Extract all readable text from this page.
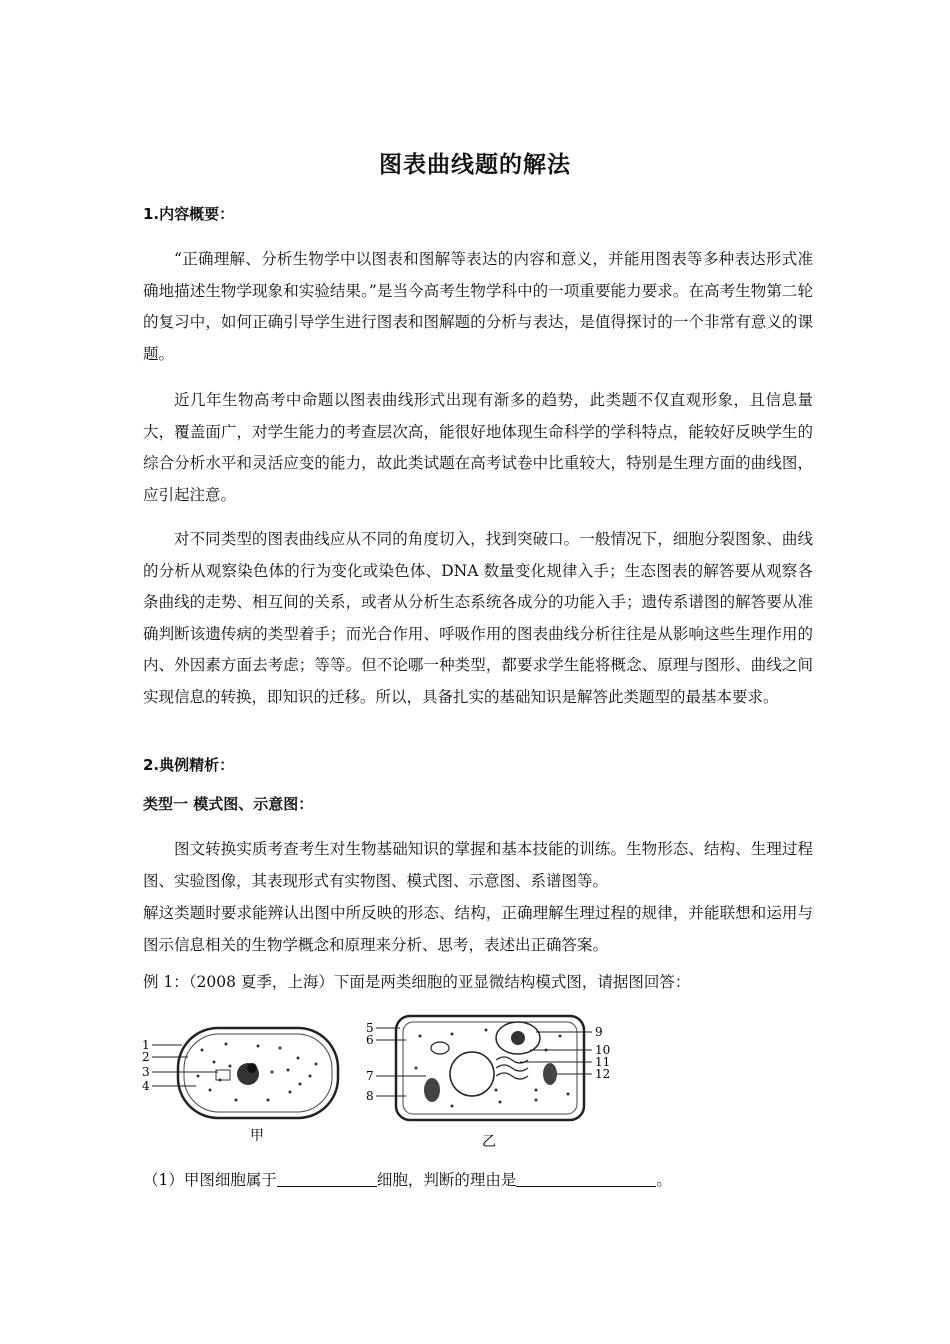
图表曲线题的解法
1.内容概要：

“正确理解、分析生物学中以图表和图解等表达的内容和意义，并能用图表等多种表达形式准确地描述生物学现象和实验结果。”是当今高考生物学科中的一项重要能力要求。在高考生物第二轮的复习中，如何正确引导学生进行图表和图解题的分析与表达，是值得探讨的一个非常有意义的课题。

近几年生物高考中命题以图表曲线形式出现有渐多的趋势，此类题不仅直观形象，且信息量大，覆盖面广，对学生能力的考查层次高，能很好地体现生命科学的学科特点，能较好反映学生的综合分析水平和灵活应变的能力，故此类试题在高考试卷中比重较大，特别是生理方面的曲线图，应引起注意。

对不同类型的图表曲线应从不同的角度切入，找到突破口。一般情况下，细胞分裂图象、曲线的分析从观察染色体的行为变化或染色体、DNA 数量变化规律入手；生态图表的解答要从观察各条曲线的走势、相互间的关系，或者从分析生态系统各成分的功能入手；遗传系谱图的解答要从准确判断该遗传病的类型着手；而光合作用、呼吸作用的图表曲线分析往往是从影响这些生理作用的内、外因素方面去考虑；等等。但不论哪一种类型，都要求学生能将概念、原理与图形、曲线之间实现信息的转换，即知识的迁移。所以，具备扎实的基础知识是解答此类题型的最基本要求。

2.典例精析：
类型一 模式图、示意图：

图文转换实质考查考生对生物基础知识的掌握和基本技能的训练。生物形态、结构、生理过程图、实验图像，其表现形式有实物图、模式图、示意图、系谱图等。

解这类题时要求能辨认出图中所反映的形态、结构，正确理解生理过程的规律，并能联想和运用与图示信息相关的生物学概念和原理来分析、思考，表述出正确答案。

例 1：（2008 夏季，上海）下面是两类细胞的亚显微结构模式图，请据图回答：
1
2
3
4
甲
5
6
7
8
9
10
11
12
乙
（1）甲图细胞属于	细胞，判断的理由是	。
